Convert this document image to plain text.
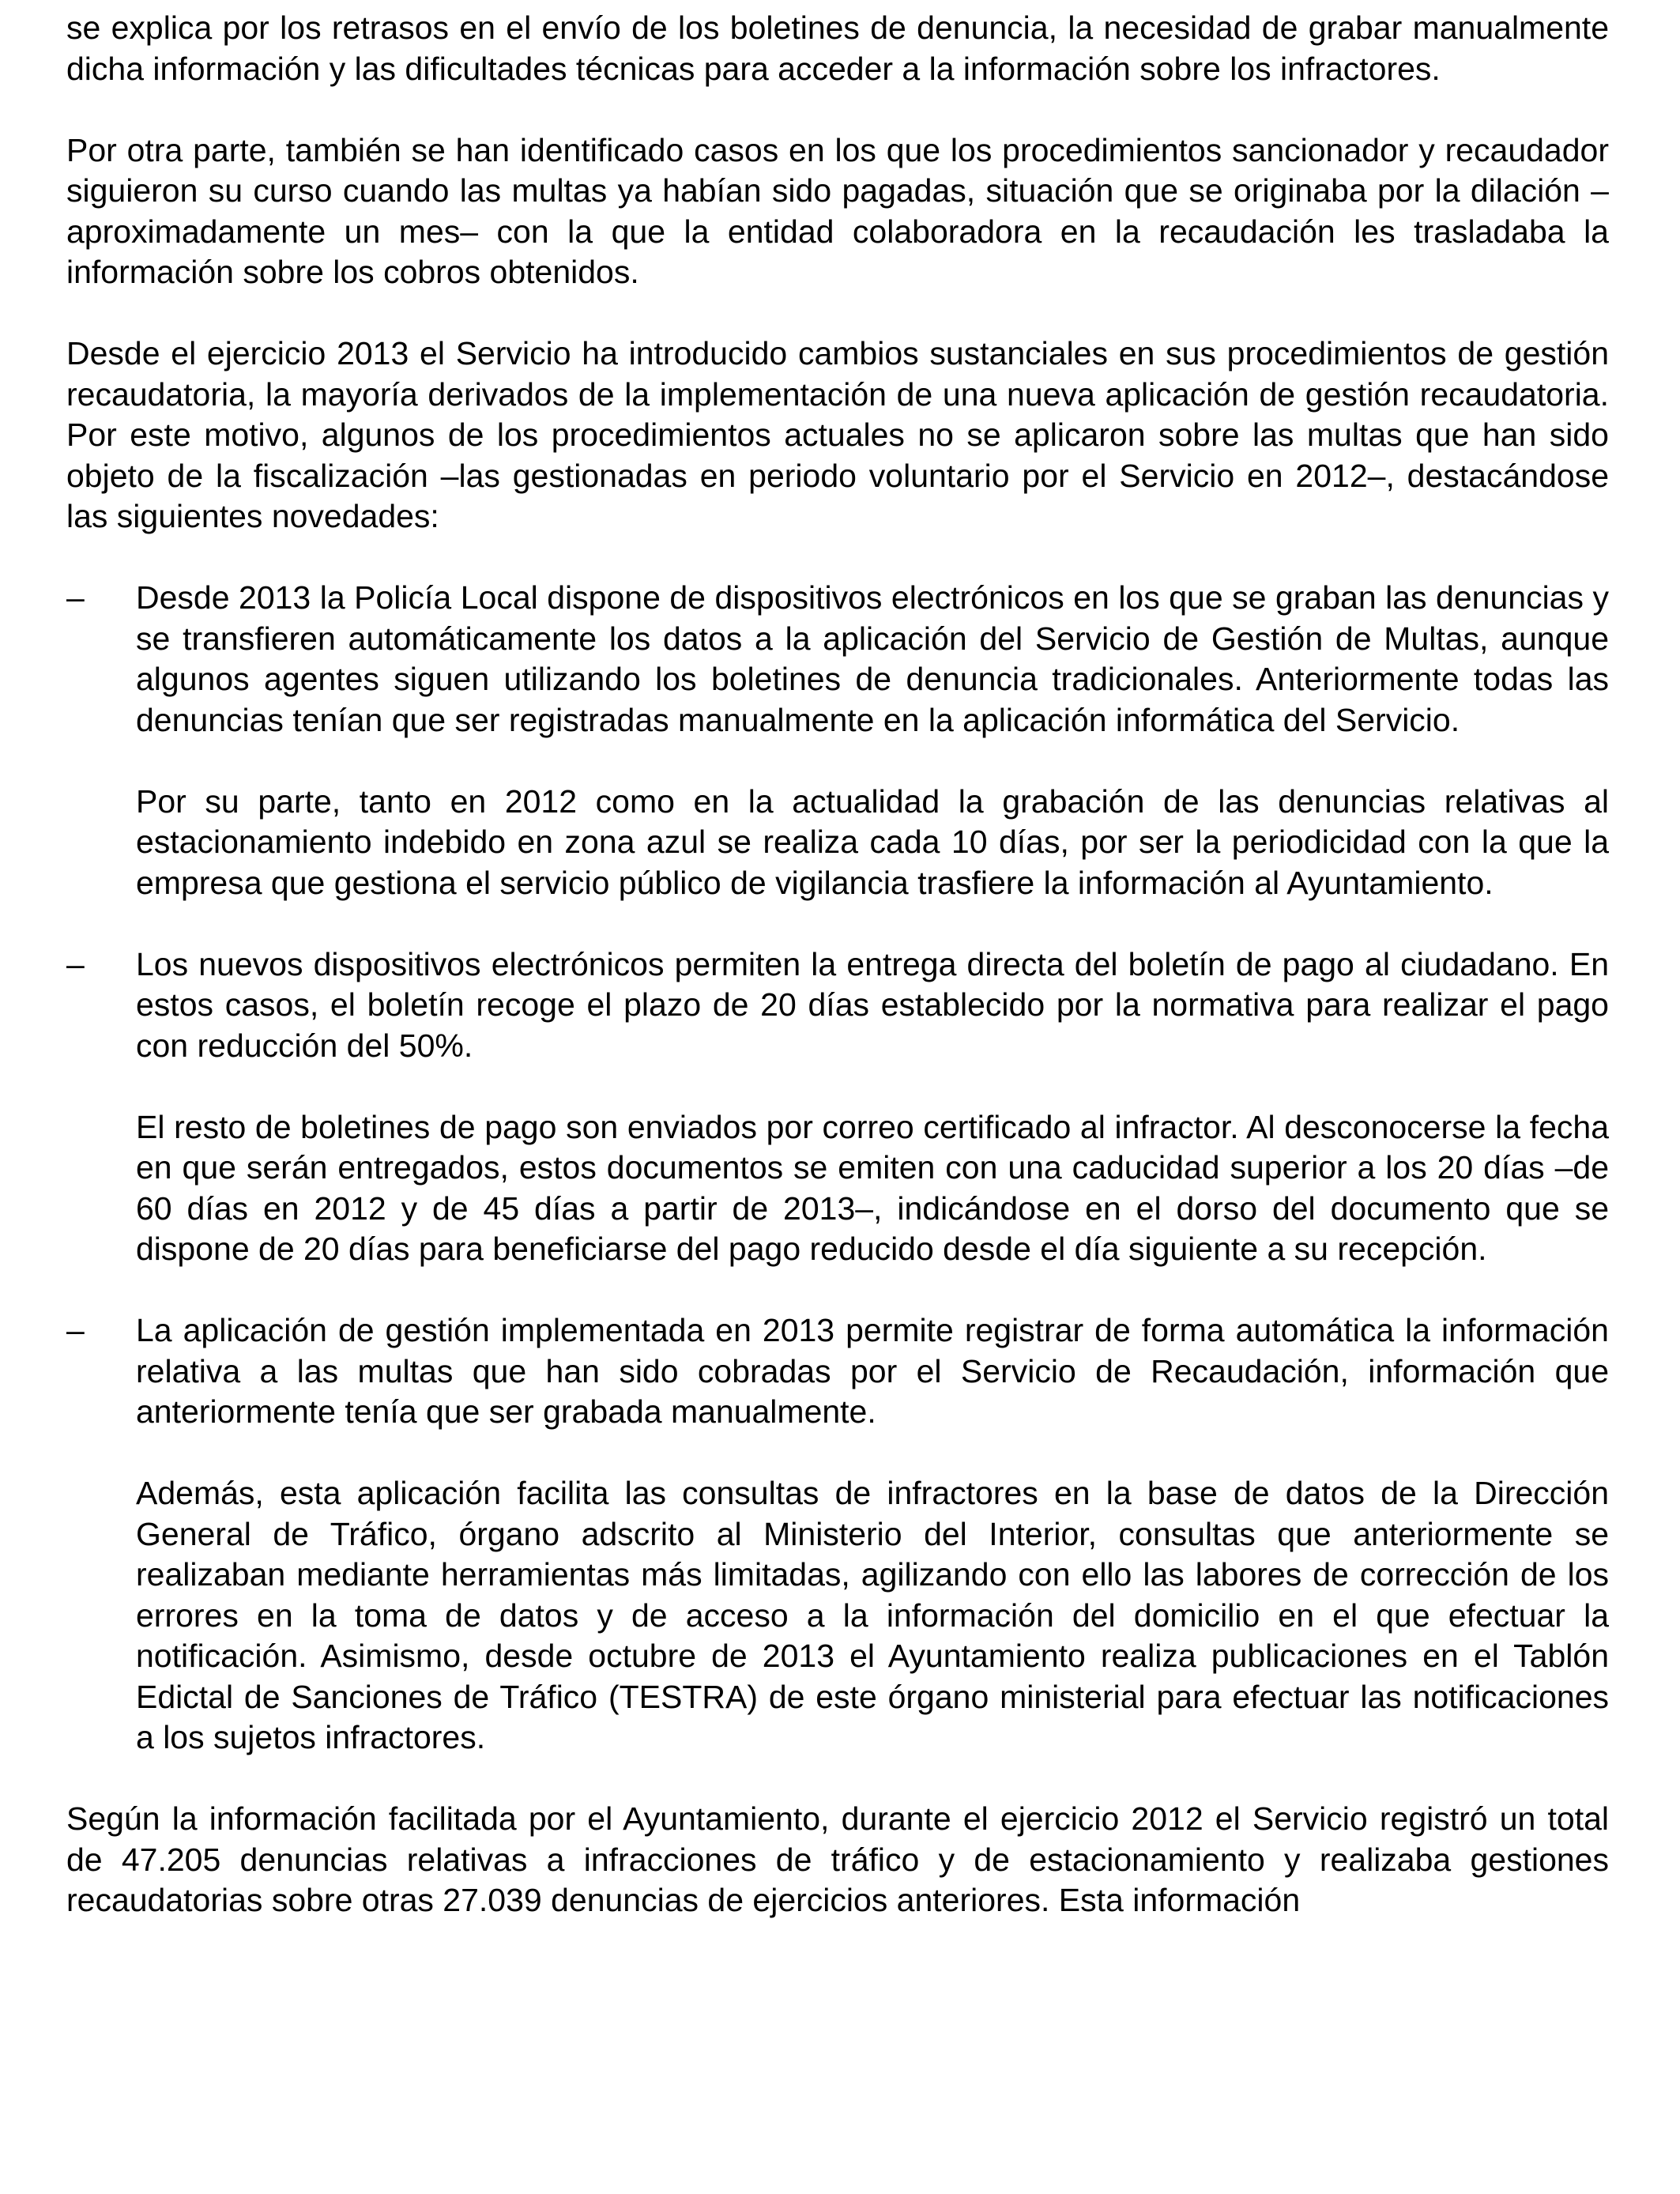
se explica por los retrasos en el envío de los boletines de denuncia, la necesidad de grabar manualmente dicha información y las dificultades técnicas para acceder a la información sobre los infractores.

Por otra parte, también se han identificado casos en los que los procedimientos sancionador y recaudador siguieron su curso cuando las multas ya habían sido pagadas, situación que se originaba por la dilación –aproximadamente un mes– con la que la entidad colaboradora en la recaudación les trasladaba la información sobre los cobros obtenidos.

Desde el ejercicio 2013 el Servicio ha introducido cambios sustanciales en sus procedimientos de gestión recaudatoria, la mayoría derivados de la implementación de una nueva aplicación de gestión recaudatoria. Por este motivo, algunos de los procedimientos actuales no se aplicaron sobre las multas que han sido objeto de la fiscalización –las gestionadas en periodo voluntario por el Servicio en 2012–, destacándose las siguientes novedades:

–	Desde 2013 la Policía Local dispone de dispositivos electrónicos en los que se graban las denuncias y se transfieren automáticamente los datos a la aplicación del Servicio de Gestión de Multas, aunque algunos agentes siguen utilizando los boletines de denuncia tradicionales. Anteriormente todas las denuncias tenían que ser registradas manualmente en la aplicación informática del Servicio.
Por su parte, tanto en 2012 como en la actualidad la grabación de las denuncias relativas al estacionamiento indebido en zona azul se realiza cada 10 días, por ser la periodicidad con la que la empresa que gestiona el servicio público de vigilancia trasfiere la información al Ayuntamiento.
–	Los nuevos dispositivos electrónicos permiten la entrega directa del boletín de pago al ciudadano. En estos casos, el boletín recoge el plazo de 20 días establecido por la normativa para realizar el pago con reducción del 50%.
El resto de boletines de pago son enviados por correo certificado al infractor. Al desconocerse la fecha en que serán entregados, estos documentos se emiten con una caducidad superior a los 20 días –de 60 días en 2012 y de 45 días a partir de 2013–, indicándose en el dorso del documento que se dispone de 20 días para beneficiarse del pago reducido desde el día siguiente a su recepción.
–	La aplicación de gestión implementada en 2013 permite registrar de forma automática la información relativa a las multas que han sido cobradas por el Servicio de Recaudación, información que anteriormente tenía que ser grabada manualmente.
Además, esta aplicación facilita las consultas de infractores en la base de datos de la Dirección General de Tráfico, órgano adscrito al Ministerio del Interior, consultas que anteriormente se realizaban mediante herramientas más limitadas, agilizando con ello las labores de corrección de los errores en la toma de datos y de acceso a la información del domicilio en el que efectuar la notificación. Asimismo, desde octubre de 2013 el Ayuntamiento realiza publicaciones en el Tablón Edictal de Sanciones de Tráfico (TESTRA) de este órgano ministerial para efectuar las notificaciones a los sujetos infractores.

Según la información facilitada por el Ayuntamiento, durante el ejercicio 2012 el Servicio registró un total de 47.205 denuncias relativas a infracciones de tráfico y de estacionamiento y realizaba gestiones recaudatorias sobre otras 27.039 denuncias de ejercicios anteriores. Esta información
